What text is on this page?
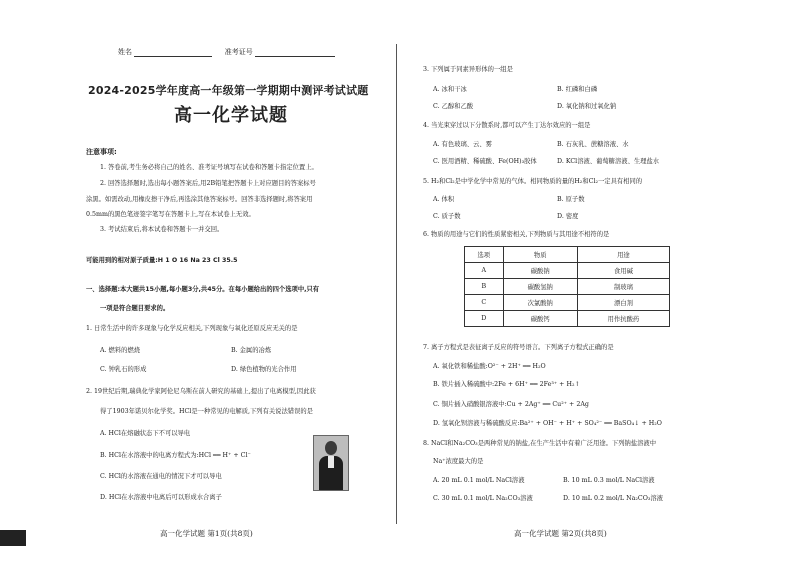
姓名	准考证号
2024-2025学年度高一年级第一学期期中测评考试试题
高一化学试题
注意事项:
1. 答卷前,考生务必将自己的姓名、准考证号填写在试卷和答题卡指定位置上。
2. 回答选择题时,选出每小题答案后,用2B铅笔把答题卡上对应题目的答案标号
涂黑。如需改动,用橡皮擦干净后,再选涂其他答案标号。回答非选择题时,将答案用
0.5mm的黑色笔迹签字笔写在答题卡上,写在本试卷上无效。
3. 考试结束后,将本试卷和答题卡一并交回。
可能用到的相对原子质量:H 1 O 16 Na 23 Cl 35.5
一、选择题:本大题共15小题,每小题3分,共45分。在每小题给出的四个选项中,只有
一项是符合题目要求的。
1. 日常生活中的许多现象与化学反应相关,下列现象与氧化还原反应无关的是
A. 燃料的燃烧	B. 金属的冶炼
C. 钟乳石的形成	D. 绿色植物的光合作用
2. 19世纪后期,瑞典化学家阿伦尼乌斯在前人研究的基础上,提出了电离模型,因此获
得了1903年诺贝尔化学奖。HCl是一种常见的电解质,下列有关说法错误的是
A. HCl在熔融状态下不可以导电
B. HCl在水溶液中的电离方程式为:HCl ══ H⁺ + Cl⁻
C. HCl的水溶液在通电的情况下才可以导电
D. HCl在水溶液中电离后可以形成水合离子
高一化学试题 第1页(共8页)
3. 下列属于同素异形体的一组是
A. 冰和干冰	B. 红磷和白磷
C. 乙醇和乙酸	D. 氧化钠和过氧化钠
4. 当光束穿过以下分散系时,都可以产生丁达尔效应的一组是
A. 有色玻璃、云、雾	B. 石灰乳、蔗糖溶液、水
C. 医用酒精、稀硫酸、Fe(OH)₃胶体	D. KCl溶液、葡萄糖溶液、生理盐水
5. H₂和Cl₂是中学化学中常见的气体。相同物质的量的H₂和Cl₂一定具有相同的
A. 体积	B. 原子数
C. 质子数	D. 密度
6. 物质的用途与它们的性质紧密相关,下列物质与其用途不相符的是
7. 离子方程式是表征离子反应的符号语言。下列离子方程式正确的是
A. 氧化铁和稀盐酸:O²⁻ + 2H⁺ ══ H₂O
B. 铁片插入稀硫酸中:2Fe + 6H⁺ ══ 2Fe³⁺ + H₂↑
C. 铜片插入硝酸银溶液中:Cu + 2Ag⁺ ══ Cu²⁺ + 2Ag
D. 氢氧化钡溶液与稀硫酸反应:Ba²⁺ + OH⁻ + H⁺ + SO₄²⁻ ══ BaSO₄↓ + H₂O
8. NaCl和Na₂CO₃是两种常见的钠盐,在生产生活中有着广泛用途。下列钠盐溶液中
Na⁺浓度最大的是
A. 20 mL 0.1 mol/L NaCl溶液	B. 10 mL 0.3 mol/L NaCl溶液
C. 30 mL 0.1 mol/L Na₂CO₃溶液	D. 10 mL 0.2 mol/L Na₂CO₃溶液
高一化学试题 第2页(共8页)
选项	物质	用途
A	碳酸钠	食用碱
B	碳酸氢钠	制玻璃
C	次氯酸钠	漂白剂
D	碳酸钙	用作抗酸药
